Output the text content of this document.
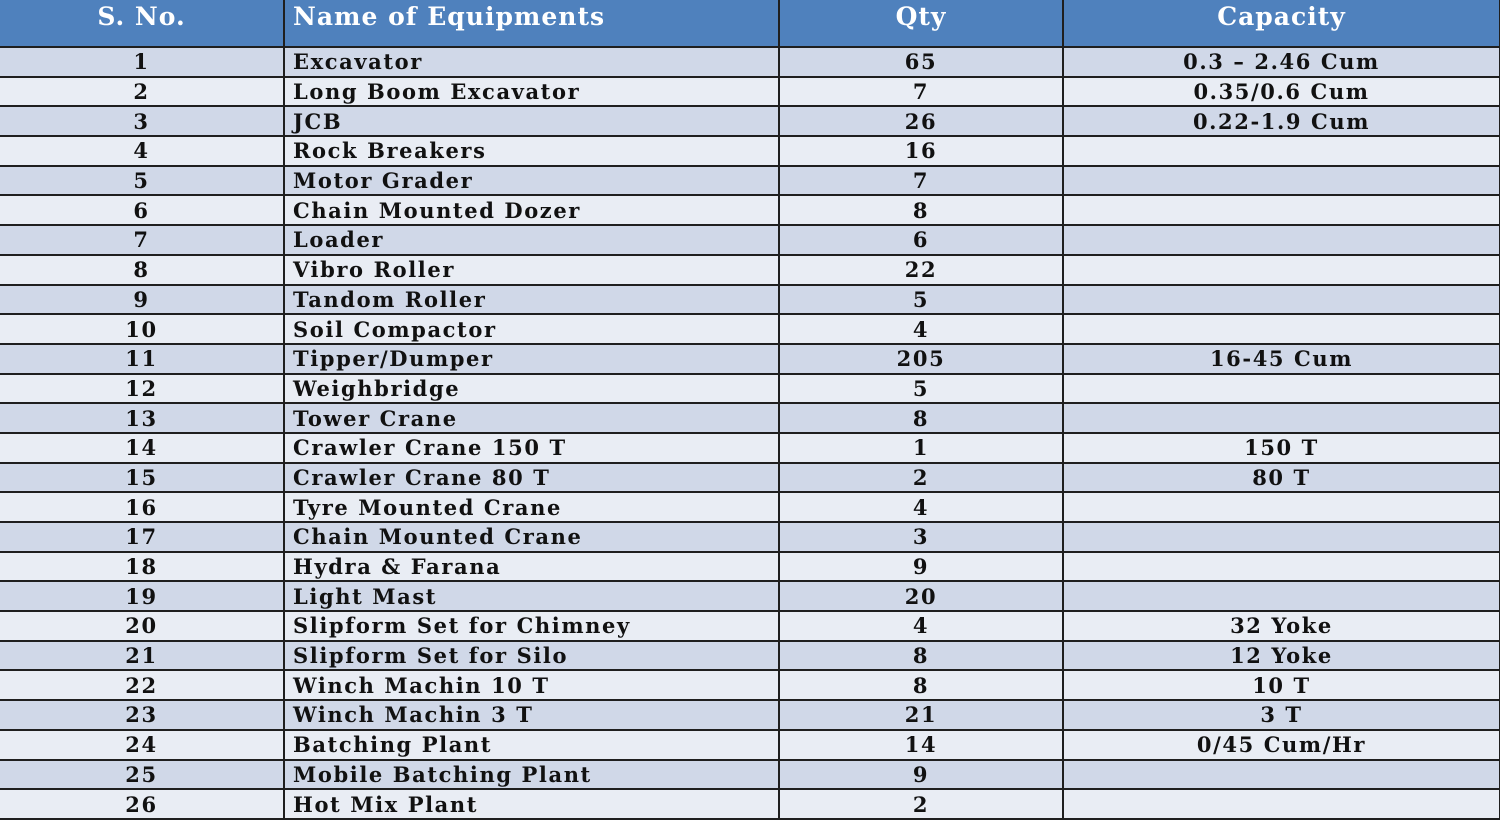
S. No.	Name of Equipments	Qty	Capacity
1	Excavator	65	0.3 – 2.46 Cum
2	Long Boom Excavator	7	0.35/0.6 Cum
3	JCB	26	0.22-1.9 Cum
4	Rock Breakers	16	
5	Motor Grader	7	
6	Chain Mounted Dozer	8	
7	Loader	6	
8	Vibro Roller	22	
9	Tandom Roller	5	
10	Soil Compactor	4	
11	Tipper/Dumper	205	16-45 Cum
12	Weighbridge	5	
13	Tower Crane	8	
14	Crawler Crane 150 T	1	150 T
15	Crawler Crane 80 T	2	80 T
16	Tyre Mounted Crane	4	
17	Chain Mounted Crane	3	
18	Hydra & Farana	9	
19	Light Mast	20	
20	Slipform Set for Chimney	4	32 Yoke
21	Slipform Set for Silo	8	12 Yoke
22	Winch Machin 10 T	8	10 T
23	Winch Machin 3 T	21	3 T
24	Batching Plant	14	0/45 Cum/Hr
25	Mobile Batching Plant	9	
26	Hot Mix Plant	2	
